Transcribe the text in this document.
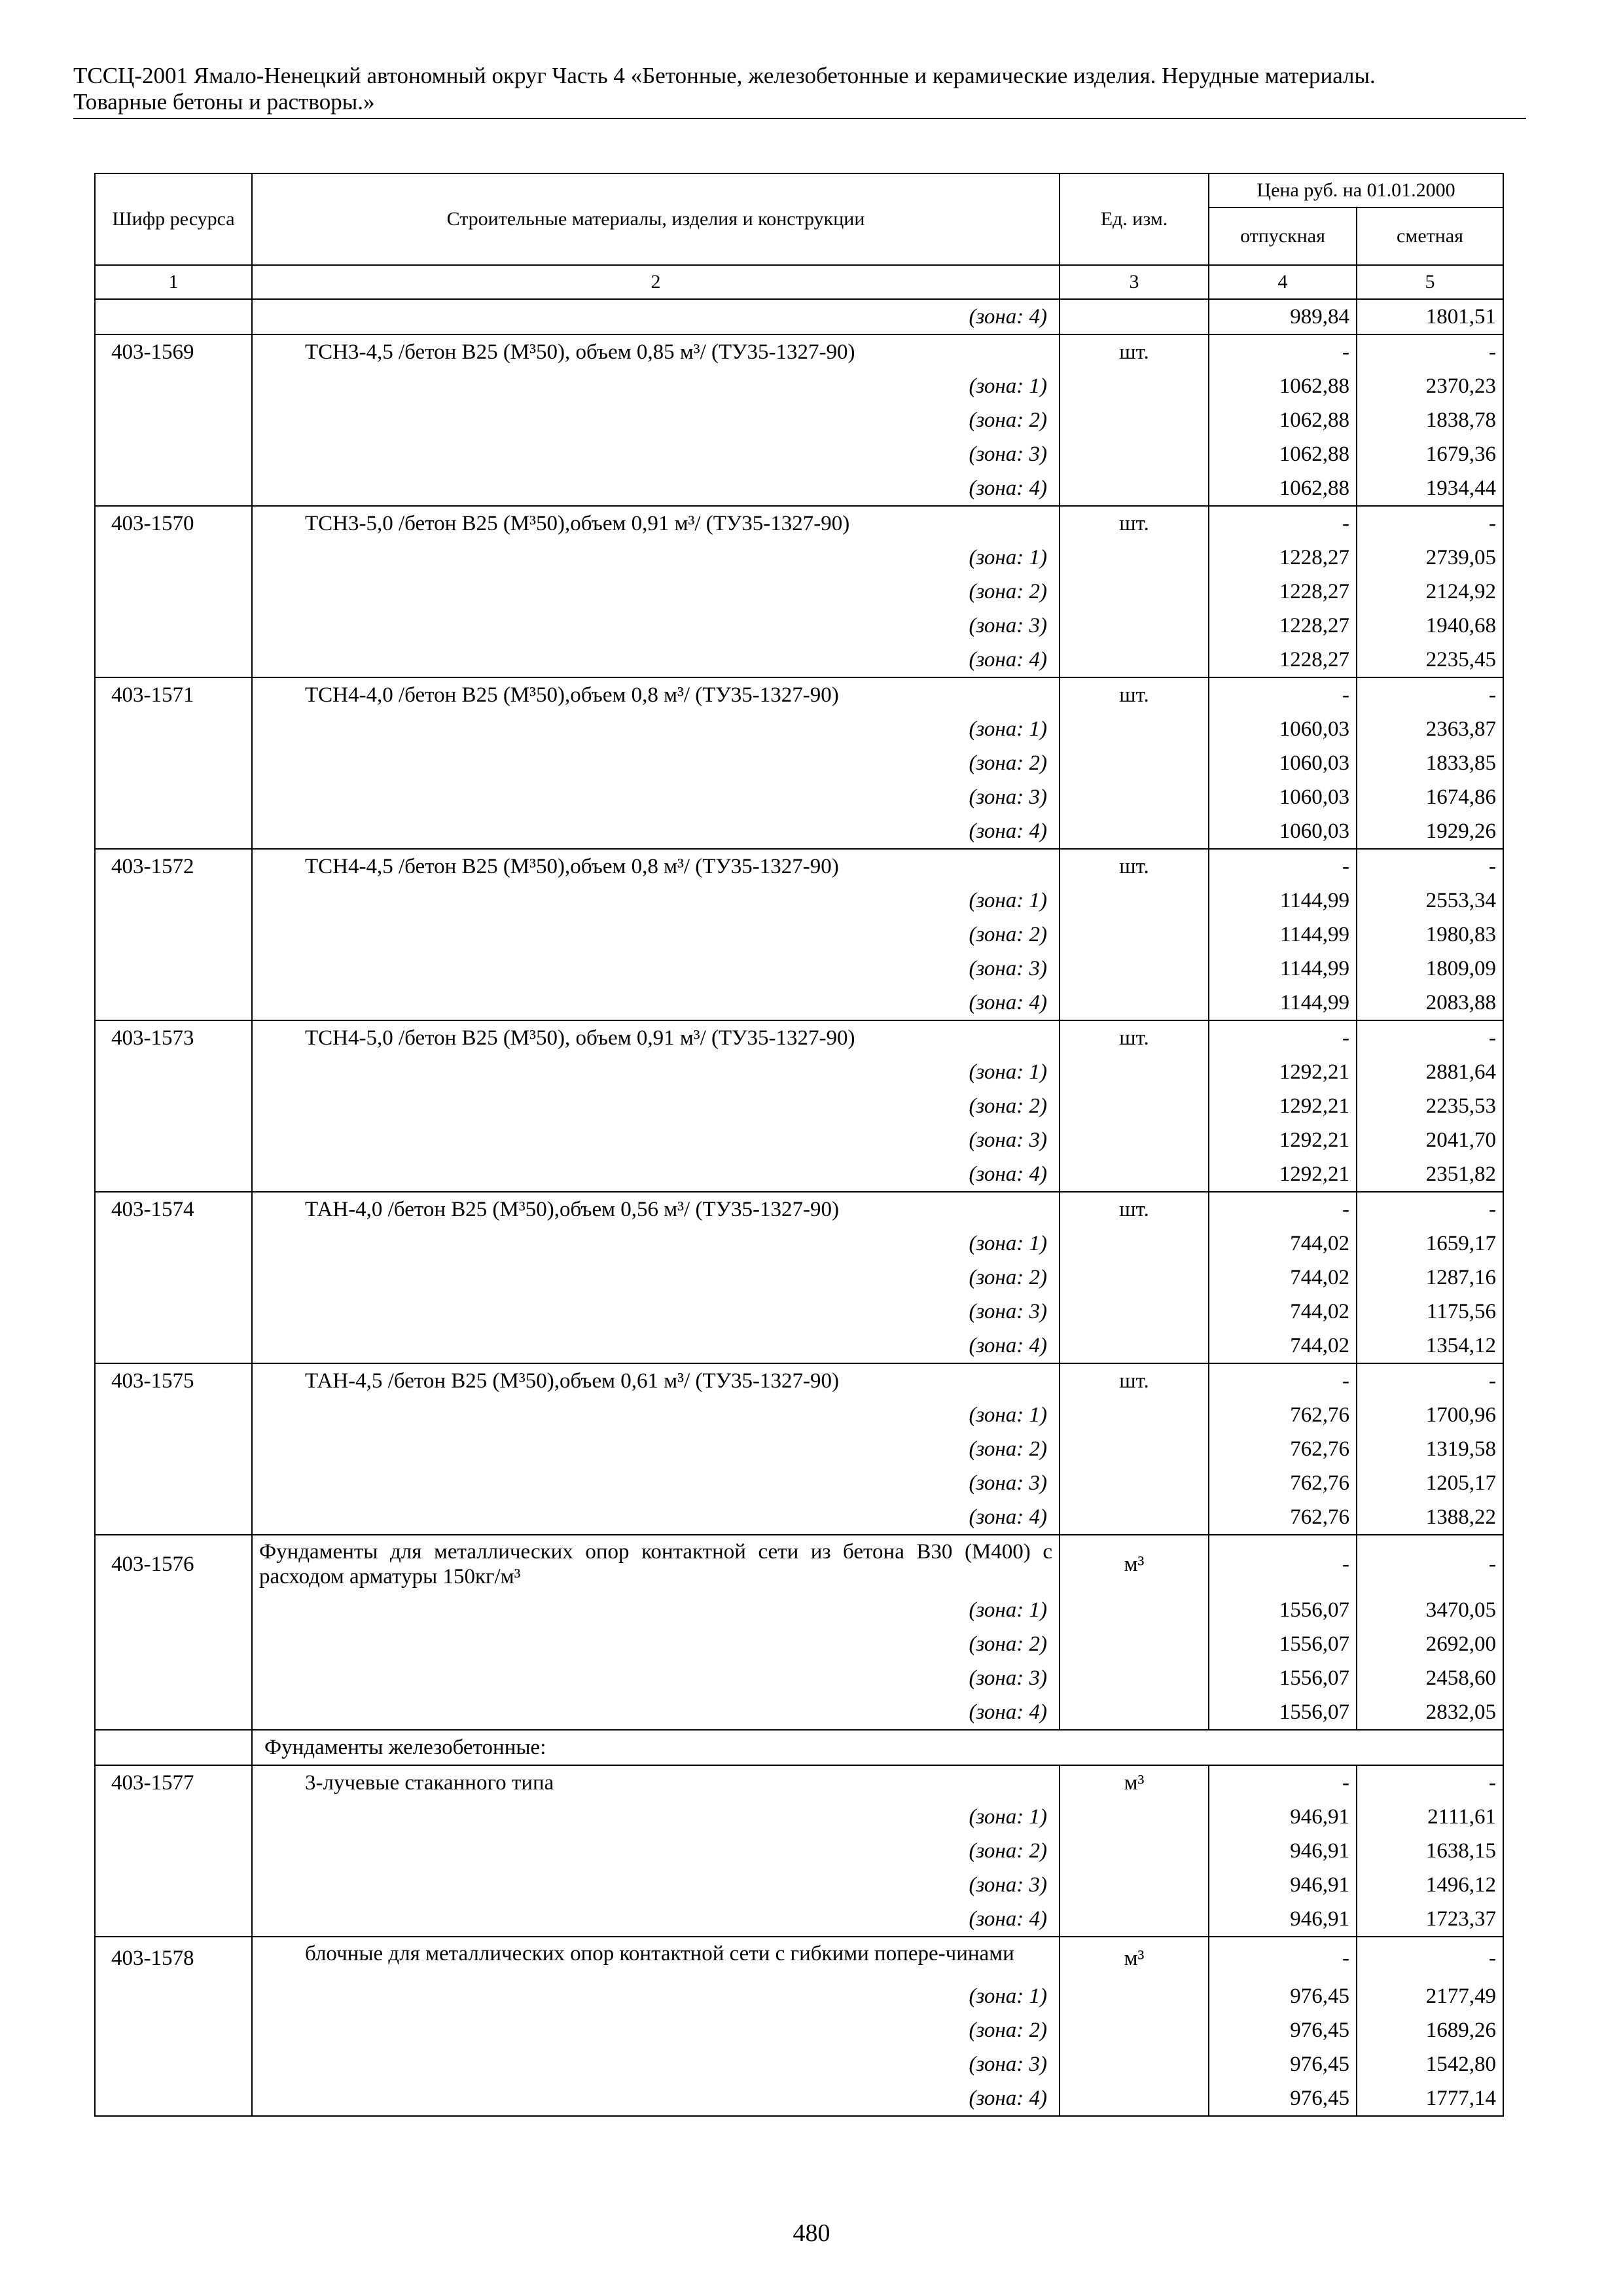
ТССЦ-2001 Ямало-Ненецкий автономный округ Часть 4 «Бетонные, железобетонные и керамические изделия. Нерудные материалы.
Товарные бетоны и растворы.»
Шифр ресурса	Строительные материалы, изделия и конструкции	Ед. изм.	Цена руб. на 01.01.2000	
			отпускная	сметная
1	2	3	4	5
	(зона: 4)		989,84	1801,51
403-1569	ТСН3-4,5 /бетон В25 (М³50), объем 0,85 м³/ (ТУ35-1327-90)	шт.	-	-
	(зона: 1)		1062,88	2370,23
	(зона: 2)		1062,88	1838,78
	(зона: 3)		1062,88	1679,36
	(зона: 4)		1062,88	1934,44
403-1570	ТСН3-5,0 /бетон В25 (М³50),объем 0,91 м³/ (ТУ35-1327-90)	шт.	-	-
	(зона: 1)		1228,27	2739,05
	(зона: 2)		1228,27	2124,92
	(зона: 3)		1228,27	1940,68
	(зона: 4)		1228,27	2235,45
403-1571	ТСН4-4,0 /бетон В25 (М³50),объем 0,8 м³/ (ТУ35-1327-90)	шт.	-	-
	(зона: 1)		1060,03	2363,87
	(зона: 2)		1060,03	1833,85
	(зона: 3)		1060,03	1674,86
	(зона: 4)		1060,03	1929,26
403-1572	ТСН4-4,5 /бетон В25 (М³50),объем 0,8 м³/ (ТУ35-1327-90)	шт.	-	-
	(зона: 1)		1144,99	2553,34
	(зона: 2)		1144,99	1980,83
	(зона: 3)		1144,99	1809,09
	(зона: 4)		1144,99	2083,88
403-1573	ТСН4-5,0 /бетон В25 (М³50), объем 0,91 м³/ (ТУ35-1327-90)	шт.	-	-
	(зона: 1)		1292,21	2881,64
	(зона: 2)		1292,21	2235,53
	(зона: 3)		1292,21	2041,70
	(зона: 4)		1292,21	2351,82
403-1574	ТАН-4,0 /бетон В25 (М³50),объем 0,56 м³/ (ТУ35-1327-90)	шт.	-	-
	(зона: 1)		744,02	1659,17
	(зона: 2)		744,02	1287,16
	(зона: 3)		744,02	1175,56
	(зона: 4)		744,02	1354,12
403-1575	ТАН-4,5 /бетон В25 (М³50),объем 0,61 м³/ (ТУ35-1327-90)	шт.	-	-
	(зона: 1)		762,76	1700,96
	(зона: 2)		762,76	1319,58
	(зона: 3)		762,76	1205,17
	(зона: 4)		762,76	1388,22
403-1576	Фундаменты для металлических опор контактной сети из бетона В30 (М400) с расходом арматуры 150кг/м³	м³	-	-
	(зона: 1)		1556,07	3470,05
	(зона: 2)		1556,07	2692,00
	(зона: 3)		1556,07	2458,60
	(зона: 4)		1556,07	2832,05
	Фундаменты железобетонные:			
403-1577	3-лучевые стаканного типа	м³	-	-
	(зона: 1)		946,91	2111,61
	(зона: 2)		946,91	1638,15
	(зона: 3)		946,91	1496,12
	(зона: 4)		946,91	1723,37
403-1578	блочные для металлических опор контактной сети с гибкими попере-чинами	м³	-	-
	(зона: 1)		976,45	2177,49
	(зона: 2)		976,45	1689,26
	(зона: 3)		976,45	1542,80
	(зона: 4)		976,45	1777,14
480
